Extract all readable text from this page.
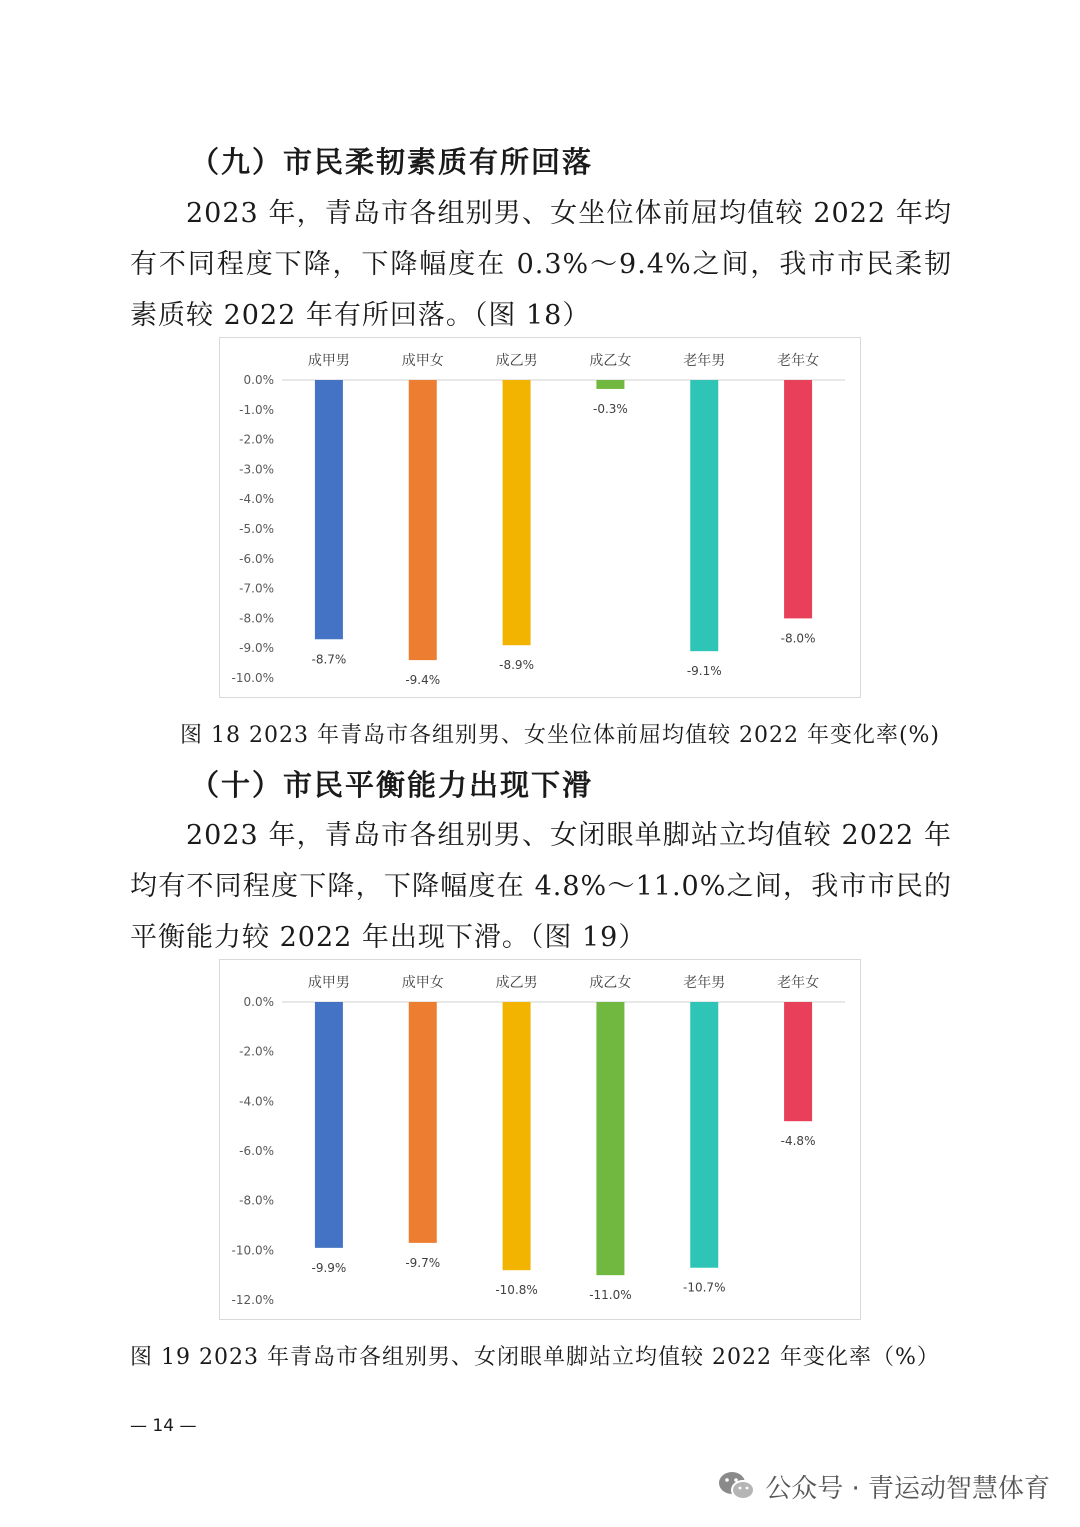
（九）市民柔韧素质有所回落

2023 年，青岛市各组别男、女坐位体前屈均值较 2022 年均有不同程度下降，下降幅度在 0.3%～9.4%之间，我市市民柔韧素质较 2022 年有所回落。（图 18）

0.0%
-1.0%
-2.0%
-3.0%
-4.0%
-5.0%
-6.0%
-7.0%
-8.0%
-9.0%
-10.0%
成甲男
-8.7%
成甲女
-9.4%
成乙男
-8.9%
成乙女
-0.3%
老年男
-9.1%
老年女
-8.0%

图 18 2023 年青岛市各组别男、女坐位体前屈均值较 2022 年变化率(%)

（十）市民平衡能力出现下滑

2023 年，青岛市各组别男、女闭眼单脚站立均值较 2022 年均有不同程度下降，下降幅度在 4.8%～11.0%之间，我市市民的平衡能力较 2022 年出现下滑。（图 19）

0.0%
-2.0%
-4.0%
-6.0%
-8.0%
-10.0%
-12.0%
成甲男
-9.9%
成甲女
-9.7%
成乙男
-10.8%
成乙女
-11.0%
老年男
-10.7%
老年女
-4.8%

图 19 2023 年青岛市各组别男、女闭眼单脚站立均值较 2022 年变化率（%）

— 14 —
公众号 · 青运动智慧体育
